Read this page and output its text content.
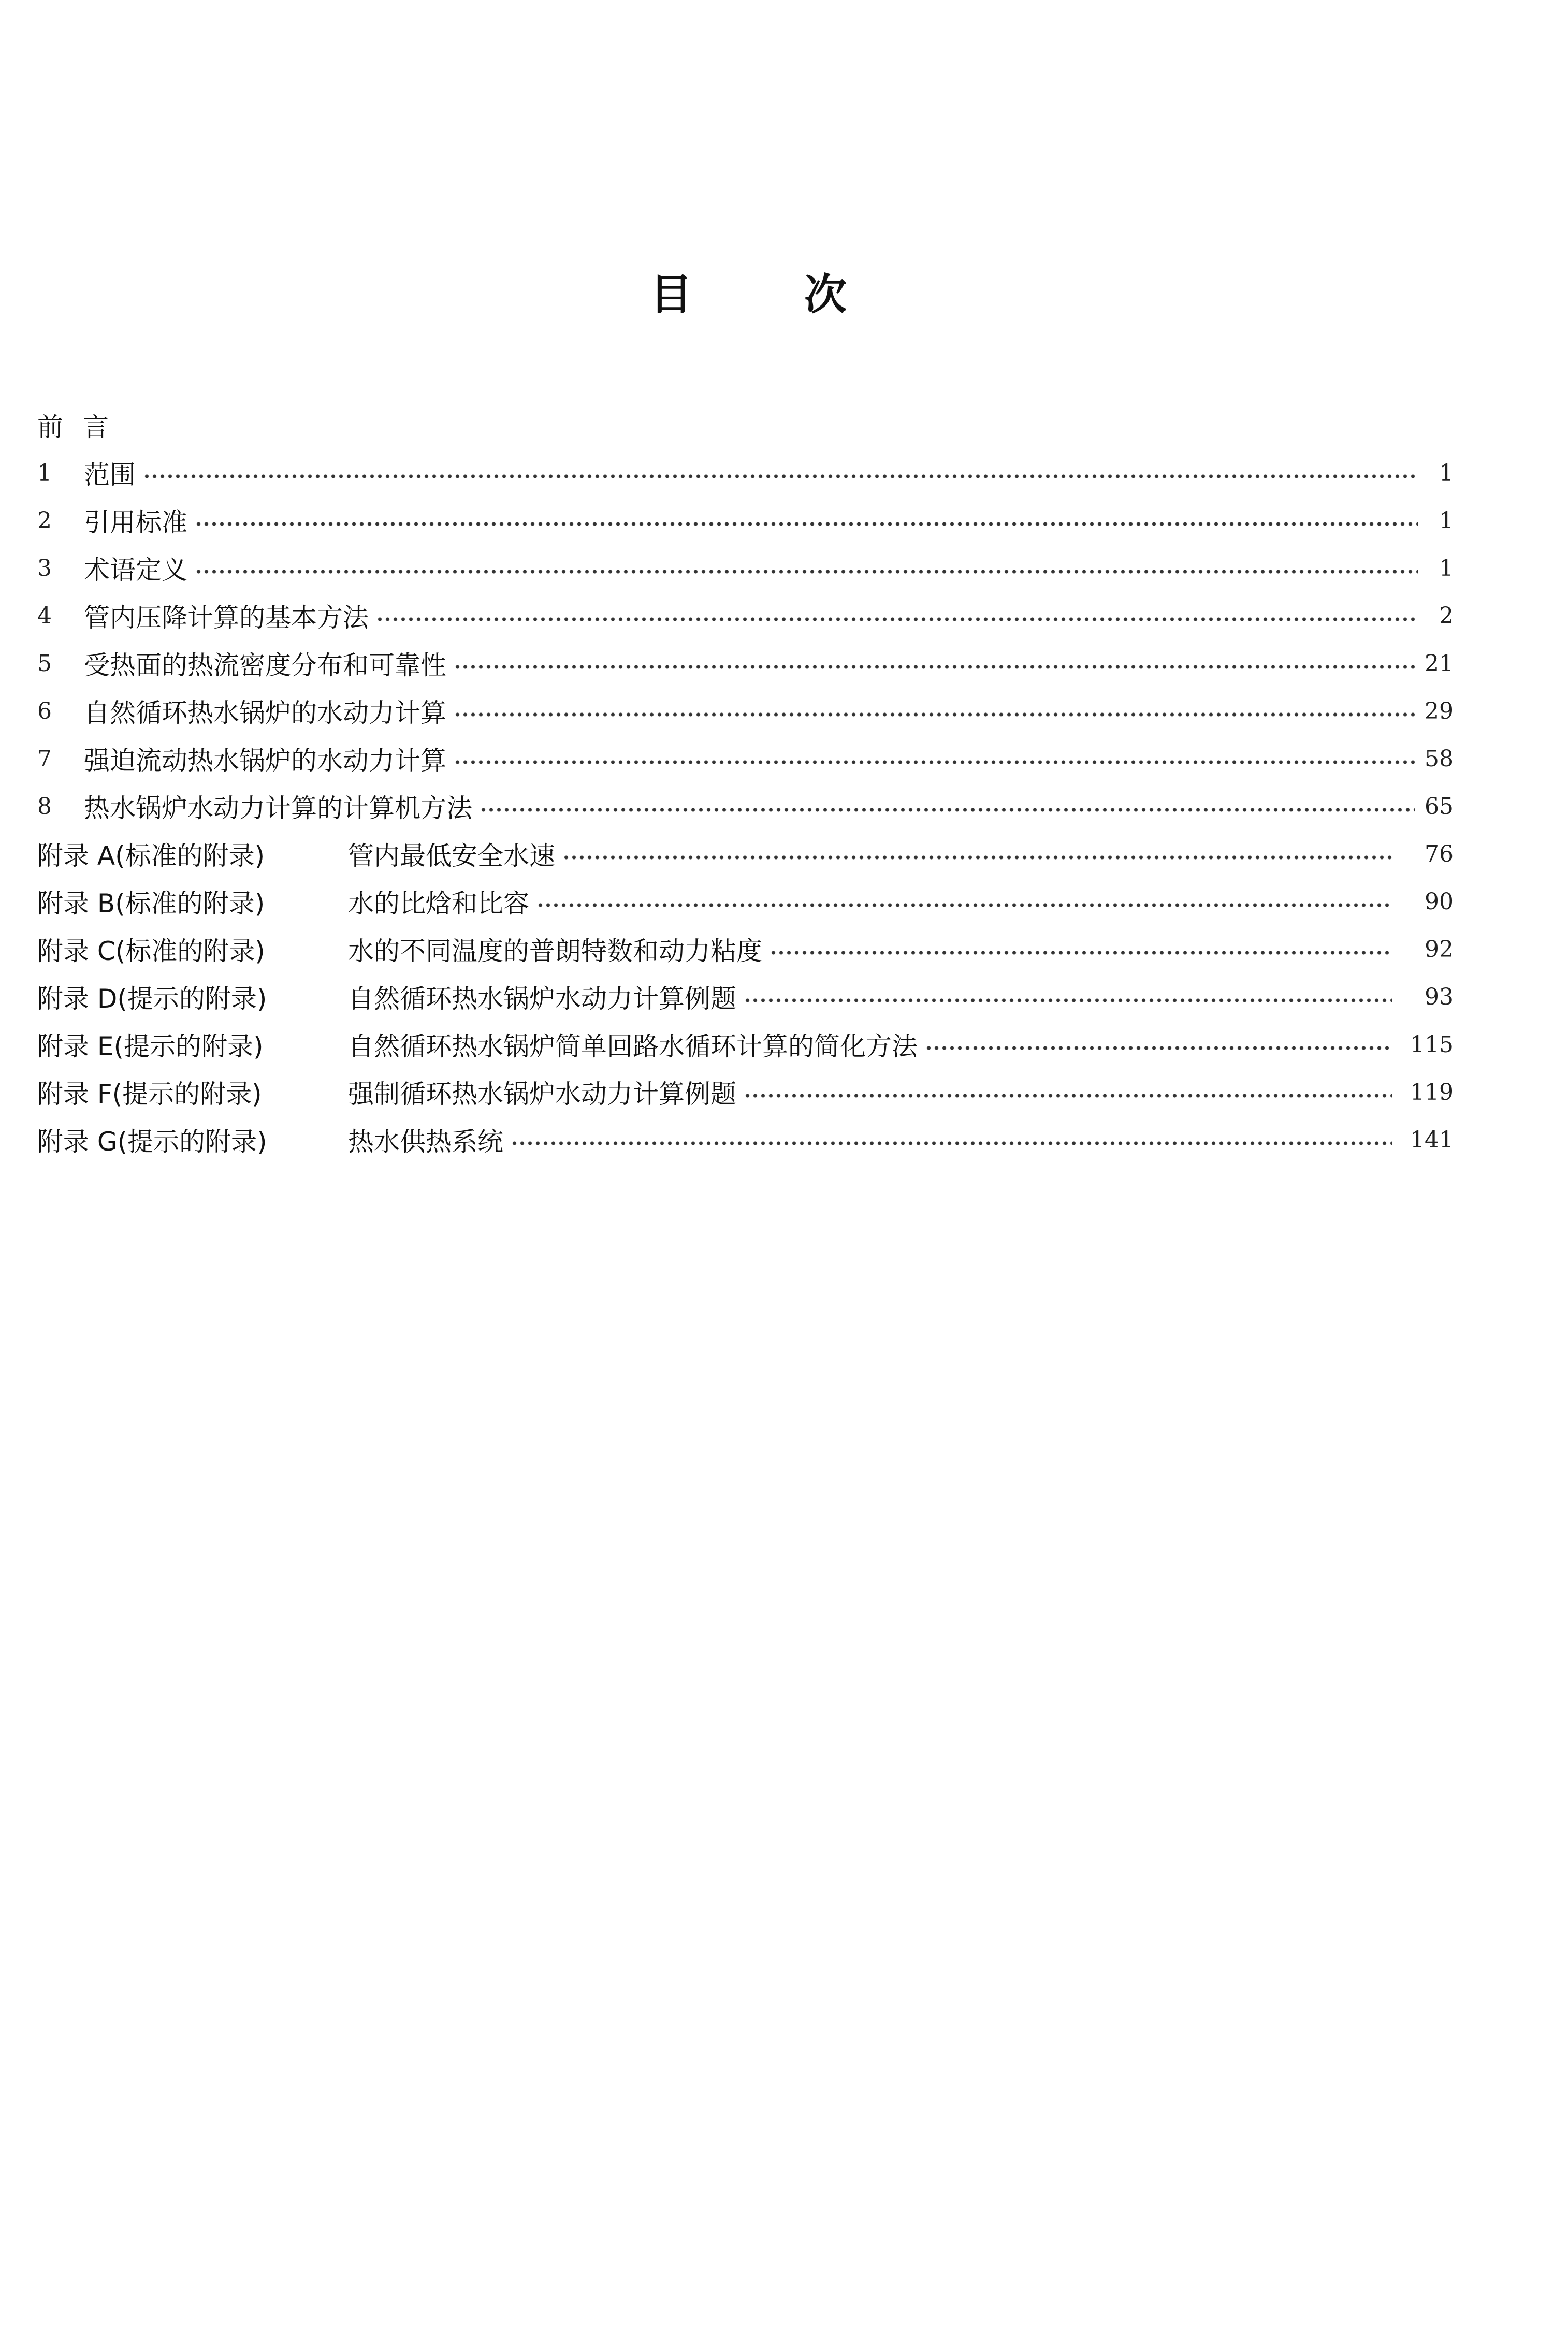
目	次
前言
1	范围	1
2	引用标准	1
3	术语定义	1
4	管内压降计算的基本方法	2
5	受热面的热流密度分布和可靠性	21
6	自然循环热水锅炉的水动力计算	29
7	强迫流动热水锅炉的水动力计算	58
8	热水锅炉水动力计算的计算机方法	65
附录 A(标准的附录)	管内最低安全水速	76
附录 B(标准的附录)	水的比焓和比容	90
附录 C(标准的附录)	水的不同温度的普朗特数和动力粘度	92
附录 D(提示的附录)	自然循环热水锅炉水动力计算例题	93
附录 E(提示的附录)	自然循环热水锅炉简单回路水循环计算的简化方法	115
附录 F(提示的附录)	强制循环热水锅炉水动力计算例题	119
附录 G(提示的附录)	热水供热系统	141
